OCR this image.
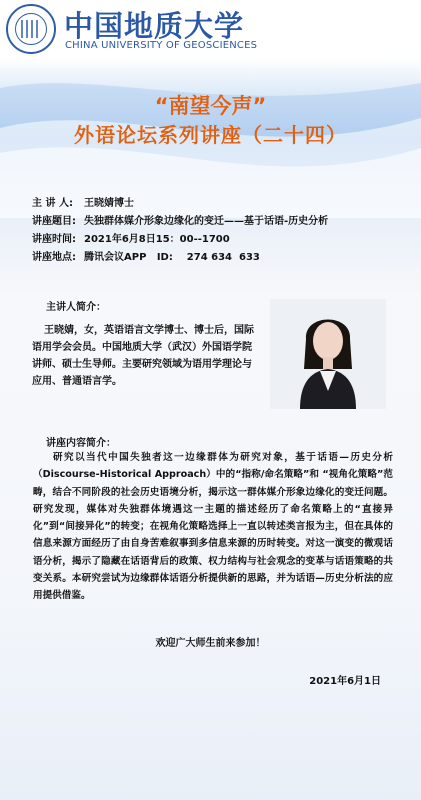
中国地质大学
CHINA UNIVERSITY OF GEOSCIENCES
“南望今声”
外语论坛系列讲座（二十四）
主 讲 人: 王晓婧博士
讲座题目: 失独群体媒介形象边缘化的变迁——基于话语-历史分析
讲座时间: 2021年6月8日15：00--1700
讲座地点: 腾讯会议APP   ID:    274 634  633
主讲人简介：
王晓婧，女，英语语言文学博士、博士后，国际语用学会会员。中国地质大学（武汉）外国语学院讲师、硕士生导师。主要研究领域为语用学理论与应用、普通语言学。
讲座内容简介：
研究以当代中国失独者这一边缘群体为研究对象，基于话语—历史分析（Discourse-Historical Approach）中的“指称/命名策略”和 “视角化策略”范畴，结合不同阶段的社会历史语境分析，揭示这一群体媒介形象边缘化的变迁问题。研究发现，媒体对失独群体境遇这一主题的描述经历了命名策略上的“直接异化”到“间接异化”的转变；在视角化策略选择上一直以转述类言报为主，但在具体的信息来源方面经历了由自身苦难叙事到多信息来源的历时转变。对这一演变的微观话语分析，揭示了隐藏在话语背后的政策、权力结构与社会观念的变革与话语策略的共变关系。本研究尝试为边缘群体话语分析提供新的思路，并为话语—历史分析法的应用提供借鉴。
欢迎广大师生前来参加！
2021年6月1日
